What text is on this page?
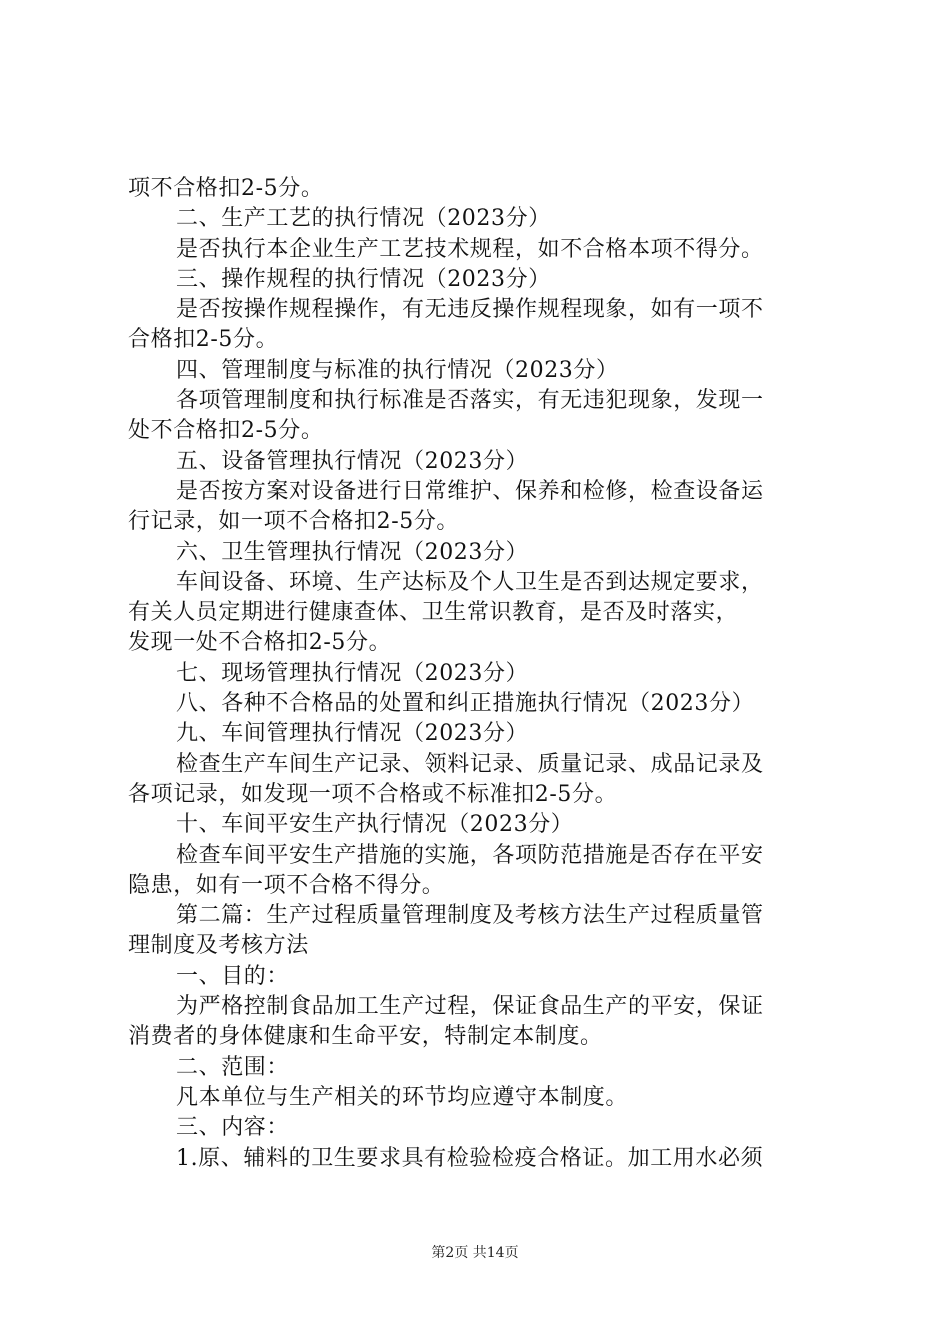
项不合格扣2-5分。
二、生产工艺的执行情况（2023分）
是否执行本企业生产工艺技术规程，如不合格本项不得分。
三、操作规程的执行情况（2023分）
是否按操作规程操作，有无违反操作规程现象，如有一项不
合格扣2-5分。
四、管理制度与标准的执行情况（2023分）
各项管理制度和执行标准是否落实，有无违犯现象，发现一
处不合格扣2-5分。
五、设备管理执行情况（2023分）
是否按方案对设备进行日常维护、保养和检修，检查设备运
行记录，如一项不合格扣2-5分。
六、卫生管理执行情况（2023分）
车间设备、环境、生产达标及个人卫生是否到达规定要求，
有关人员定期进行健康查体、卫生常识教育，是否及时落实，
发现一处不合格扣2-5分。
七、现场管理执行情况（2023分）
八、各种不合格品的处置和纠正措施执行情况（2023分）
九、车间管理执行情况（2023分）
检查生产车间生产记录、领料记录、质量记录、成品记录及
各项记录，如发现一项不合格或不标准扣2-5分。
十、车间平安生产执行情况（2023分）
检查车间平安生产措施的实施，各项防范措施是否存在平安
隐患，如有一项不合格不得分。
第二篇：生产过程质量管理制度及考核方法生产过程质量管
理制度及考核方法
一、目的：
为严格控制食品加工生产过程，保证食品生产的平安，保证
消费者的身体健康和生命平安，特制定本制度。
二、范围：
凡本单位与生产相关的环节均应遵守本制度。
三、内容：
1.原、辅料的卫生要求具有检验检疫合格证。加工用水必须
第2页 共14页
